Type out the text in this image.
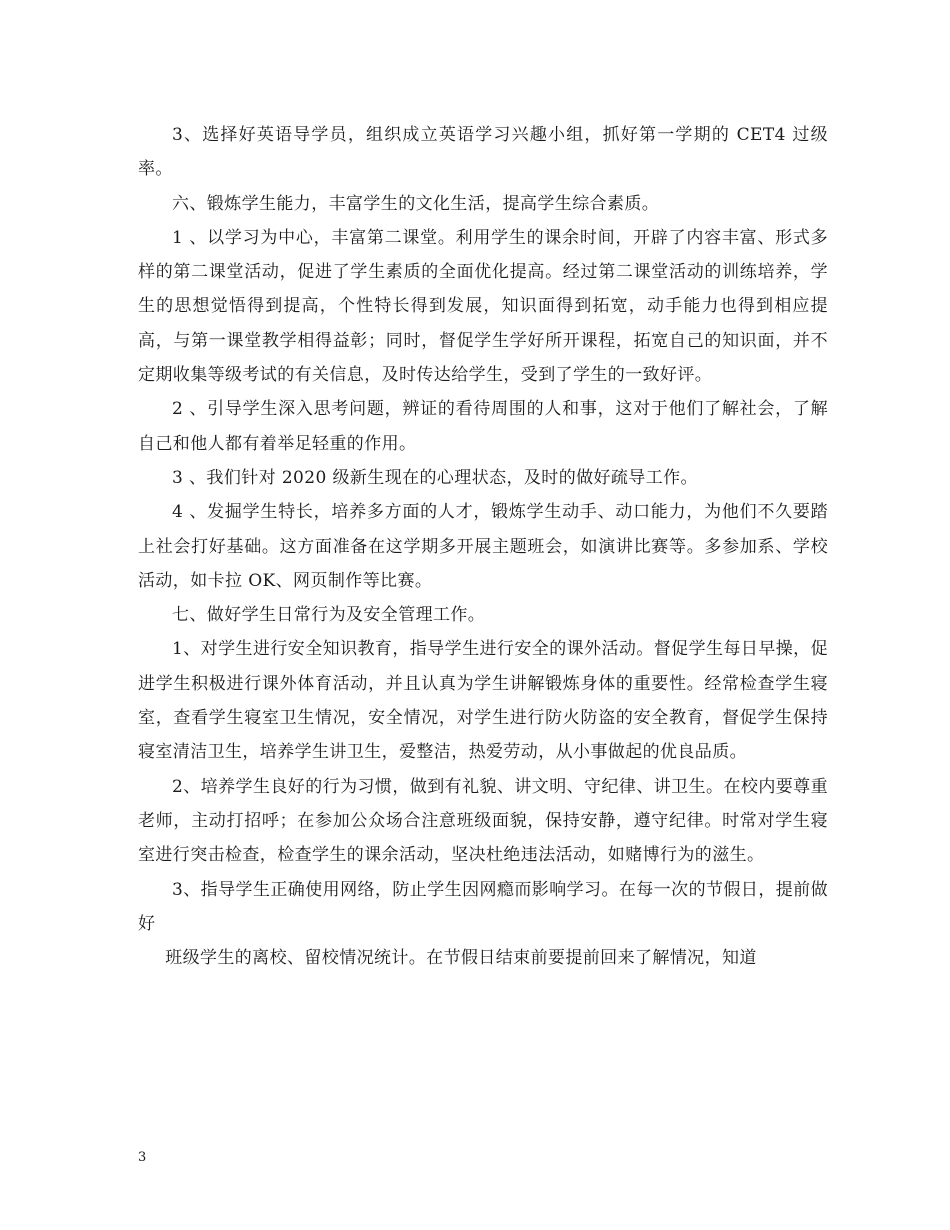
3、选择好英语导学员，组织成立英语学习兴趣小组，抓好第一学期的 CET4 过级率。

六、锻炼学生能力，丰富学生的文化生活，提高学生综合素质。

1 、以学习为中心，丰富第二课堂。利用学生的课余时间，开辟了内容丰富、形式多样的第二课堂活动，促进了学生素质的全面优化提高。经过第二课堂活动的训练培养，学生的思想觉悟得到提高，个性特长得到发展，知识面得到拓宽，动手能力也得到相应提高，与第一课堂教学相得益彰；同时，督促学生学好所开课程，拓宽自己的知识面，并不定期收集等级考试的有关信息，及时传达给学生，受到了学生的一致好评。

2 、引导学生深入思考问题，辨证的看待周围的人和事，这对于他们了解社会，了解自己和他人都有着举足轻重的作用。

3 、我们针对 2020 级新生现在的心理状态，及时的做好疏导工作。

4 、发掘学生特长，培养多方面的人才，锻炼学生动手、动口能力，为他们不久要踏上社会打好基础。这方面准备在这学期多开展主题班会，如演讲比赛等。多参加系、学校活动，如卡拉 OK、网页制作等比赛。

七、做好学生日常行为及安全管理工作。

1、对学生进行安全知识教育，指导学生进行安全的课外活动。督促学生每日早操，促进学生积极进行课外体育活动，并且认真为学生讲解锻炼身体的重要性。经常检查学生寝室，查看学生寝室卫生情况，安全情况，对学生进行防火防盗的安全教育，督促学生保持寝室清洁卫生，培养学生讲卫生，爱整洁，热爱劳动，从小事做起的优良品质。

2、培养学生良好的行为习惯，做到有礼貌、讲文明、守纪律、讲卫生。在校内要尊重老师，主动打招呼；在参加公众场合注意班级面貌，保持安静，遵守纪律。时常对学生寝室进行突击检查，检查学生的课余活动，坚决杜绝违法活动，如赌博行为的滋生。

3、指导学生正确使用网络，防止学生因网瘾而影响学习。在每一次的节假日，提前做好

班级学生的离校、留校情况统计。在节假日结束前要提前回来了解情况，知道

3
